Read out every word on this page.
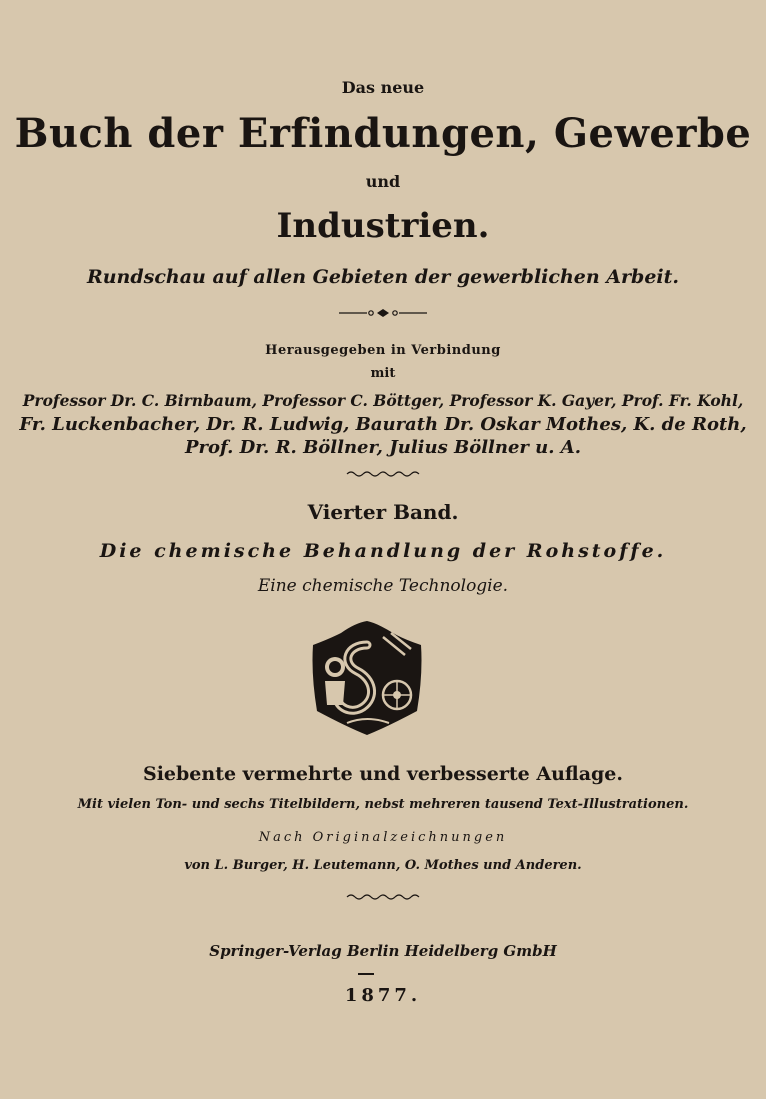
Das neue
Buch der Erfindungen, Gewerbe
und
Industrien.
Rundschau auf allen Gebieten der gewerblichen Arbeit.
Herausgegeben in Verbindung
mit
Professor Dr. C. Birnbaum, Professor C. Böttger, Professor K. Gayer, Prof. Fr. Kohl,
Fr. Luckenbacher, Dr. R. Ludwig, Baurath Dr. Oskar Mothes, K. de Roth,
Prof. Dr. R. Böllner, Julius Böllner u. A.
Vierter Band.
Die chemische Behandlung der Rohstoffe.
Eine chemische Technologie.
Siebente vermehrte und verbesserte Auflage.
Mit vielen Ton- und sechs Titelbildern, nebst mehreren tausend Text-Illustrationen.
Nach Originalzeichnungen
von L. Burger, H. Leutemann, O. Mothes und Anderen.
Springer-Verlag Berlin Heidelberg GmbH
1877.
